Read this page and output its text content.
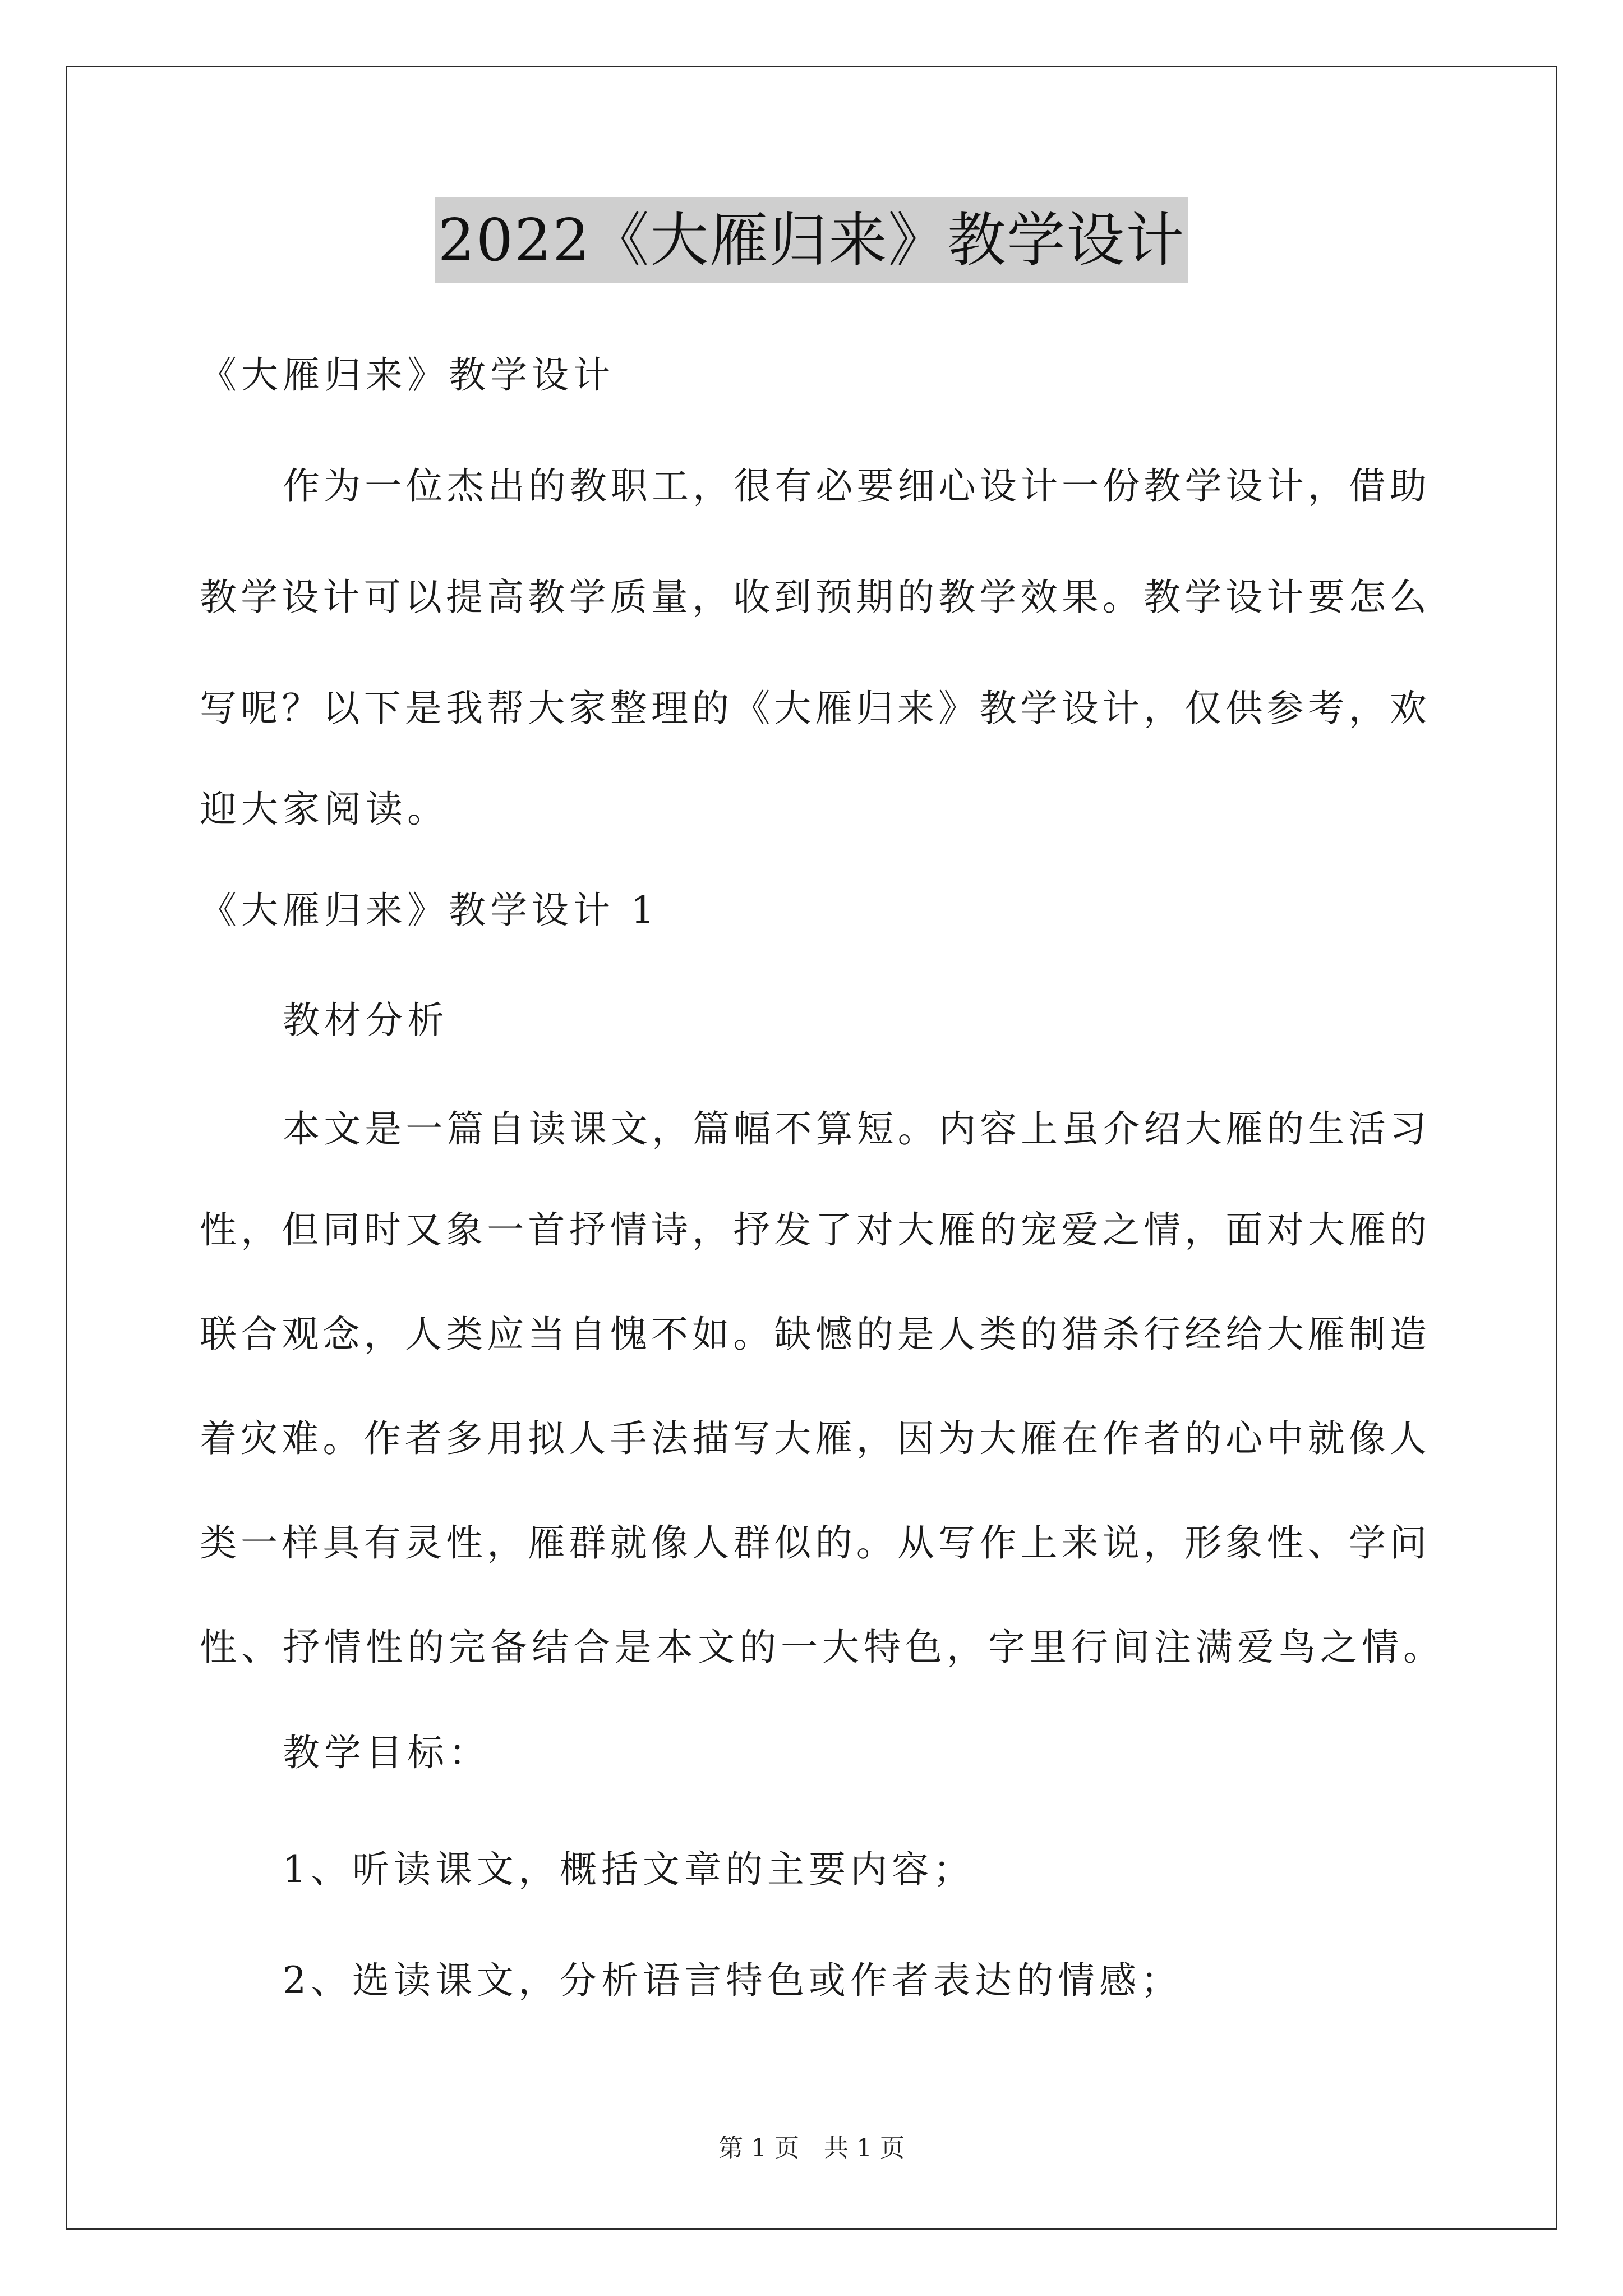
2022《大雁归来》教学设计
《大雁归来》教学设计
作为一位杰出的教职工，很有必要细心设计一份教学设计，借助
教学设计可以提高教学质量，收到预期的教学效果。教学设计要怎么
写呢？以下是我帮大家整理的《大雁归来》教学设计，仅供参考，欢
迎大家阅读。
《大雁归来》教学设计 1
教材分析
本文是一篇自读课文，篇幅不算短。内容上虽介绍大雁的生活习
性，但同时又象一首抒情诗，抒发了对大雁的宠爱之情，面对大雁的
联合观念，人类应当自愧不如。缺憾的是人类的猎杀行经给大雁制造
着灾难。作者多用拟人手法描写大雁，因为大雁在作者的心中就像人
类一样具有灵性，雁群就像人群似的。从写作上来说，形象性、学问
性、抒情性的完备结合是本文的一大特色，字里行间注满爱鸟之情。
教学目标：
1、听读课文，概括文章的主要内容；
2、选读课文，分析语言特色或作者表达的情感；
第 1 页　共 1 页
